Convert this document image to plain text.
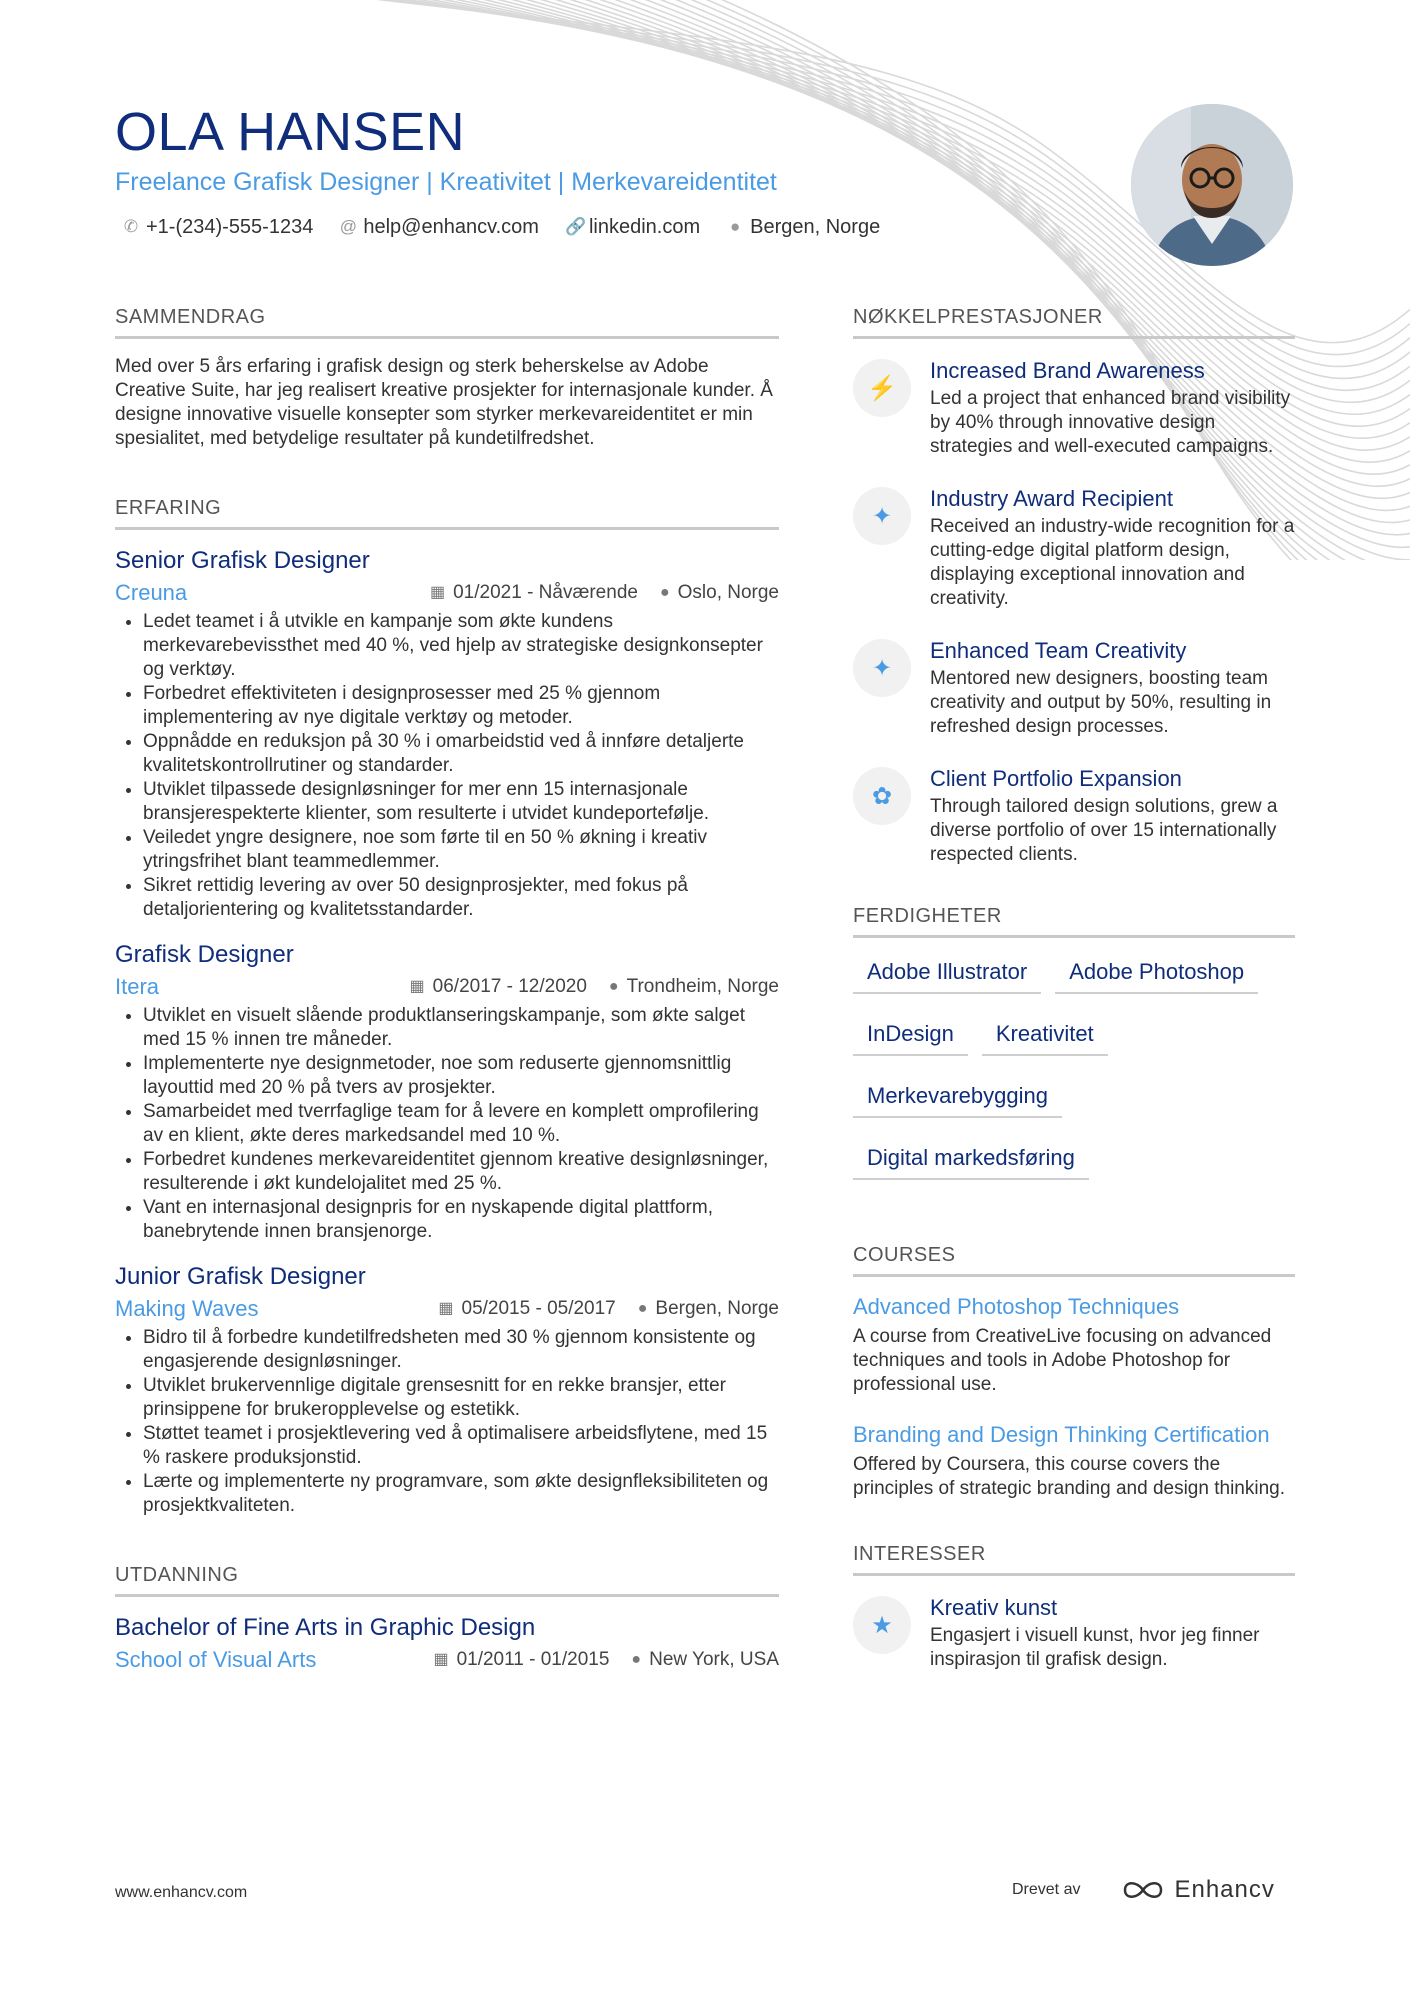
OLA HANSEN
Freelance Grafisk Designer | Kreativitet | Merkevareidentitet
✆ +1-(234)-555-1234 @ help@enhancv.com 🔗 linkedin.com ● Bergen, Norge
SAMMENDRAG

Med over 5 års erfaring i grafisk design og sterk beherskelse av Adobe Creative Suite, har jeg realisert kreative prosjekter for internasjonale kunder. Å designe innovative visuelle konsepter som styrker merkevareidentitet er min spesialitet, med betydelige resultater på kundetilfredshet.

ERFARING
Senior Grafisk Designer
Creuna	▦ 01/2021 - Nåværende ● Oslo, Norge
• Ledet teamet i å utvikle en kampanje som økte kundens merkevarebevissthet med 40 %, ved hjelp av strategiske designkonsepter og verktøy.
• Forbedret effektiviteten i designprosesser med 25 % gjennom implementering av nye digitale verktøy og metoder.
• Oppnådde en reduksjon på 30 % i omarbeidstid ved å innføre detaljerte kvalitetskontrollrutiner og standarder.
• Utviklet tilpassede designløsninger for mer enn 15 internasjonale bransjerespekterte klienter, som resulterte i utvidet kundeportefølje.
• Veiledet yngre designere, noe som førte til en 50 % økning i kreativ ytringsfrihet blant teammedlemmer.
• Sikret rettidig levering av over 50 designprosjekter, med fokus på detaljorientering og kvalitetsstandarder.
Grafisk Designer
Itera	▦ 06/2017 - 12/2020 ● Trondheim, Norge
• Utviklet en visuelt slående produktlanseringskampanje, som økte salget med 15 % innen tre måneder.
• Implementerte nye designmetoder, noe som reduserte gjennomsnittlig layouttid med 20 % på tvers av prosjekter.
• Samarbeidet med tverrfaglige team for å levere en komplett omprofilering av en klient, økte deres markedsandel med 10 %.
• Forbedret kundenes merkevareidentitet gjennom kreative designløsninger, resulterende i økt kundelojalitet med 25 %.
• Vant en internasjonal designpris for en nyskapende digital plattform, banebrytende innen bransjenorge.
Junior Grafisk Designer
Making Waves	▦ 05/2015 - 05/2017 ● Bergen, Norge
• Bidro til å forbedre kundetilfredsheten med 30 % gjennom konsistente og engasjerende designløsninger.
• Utviklet brukervennlige digitale grensesnitt for en rekke bransjer, etter prinsippene for brukeropplevelse og estetikk.
• Støttet teamet i prosjektlevering ved å optimalisere arbeidsflytene, med 15 % raskere produksjonstid.
• Lærte og implementerte ny programvare, som økte designfleksibiliteten og prosjektkvaliteten.
UTDANNING
Bachelor of Fine Arts in Graphic Design
School of Visual Arts	▦ 01/2011 - 01/2015 ● New York, USA
NØKKELPRESTASJONER
⚡
Increased Brand Awareness
Led a project that enhanced brand visibility by 40% through innovative design strategies and well-executed campaigns.
✦
Industry Award Recipient
Received an industry-wide recognition for a cutting-edge digital platform design, displaying exceptional innovation and creativity.
✦
Enhanced Team Creativity
Mentored new designers, boosting team creativity and output by 50%, resulting in refreshed design processes.
✿
Client Portfolio Expansion
Through tailored design solutions, grew a diverse portfolio of over 15 internationally respected clients.
FERDIGHETER
Adobe Illustrator	Adobe Photoshop
InDesign	Kreativitet
Merkevarebygging
Digital markedsføring
COURSES
Advanced Photoshop Techniques
A course from CreativeLive focusing on advanced techniques and tools in Adobe Photoshop for professional use.
Branding and Design Thinking Certification
Offered by Coursera, this course covers the principles of strategic branding and design thinking.
INTERESSER
★
Kreativ kunst
Engasjert i visuell kunst, hvor jeg finner inspirasjon til grafisk design.
www.enhancv.com	Drevet av	Enhancv
